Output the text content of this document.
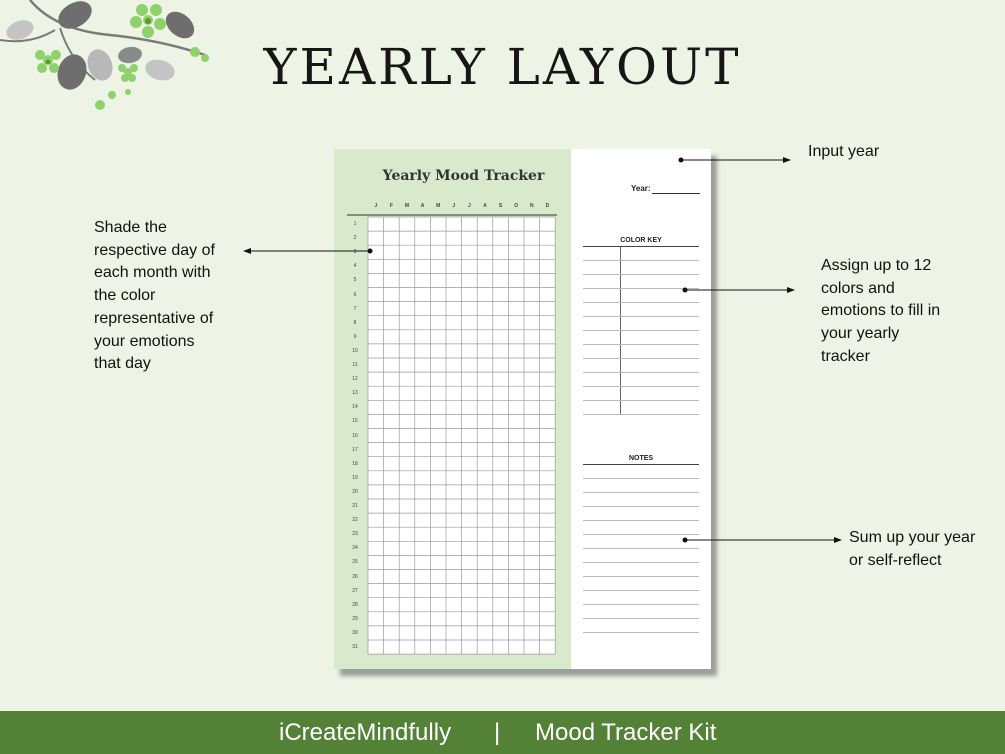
YEARLY LAYOUT
Yearly Mood Tracker
J	F	M	A	M	J	J	A	S	O	N	D
1
2
3
4
5
6
7
8
9
10
11
12
13
14
15
16
17
18
19
20
21
22
23
24
25
26
27
28
29
30
31
Year:
COLOR KEY
NOTES
Input year
Shade the
respective day of
each month with
the color
representative of
your emotions
that day
Assign up to 12
colors and
emotions to fill in
your yearly
tracker
Sum up your year
or self-reflect
iCreateMindfully | Mood Tracker Kit
